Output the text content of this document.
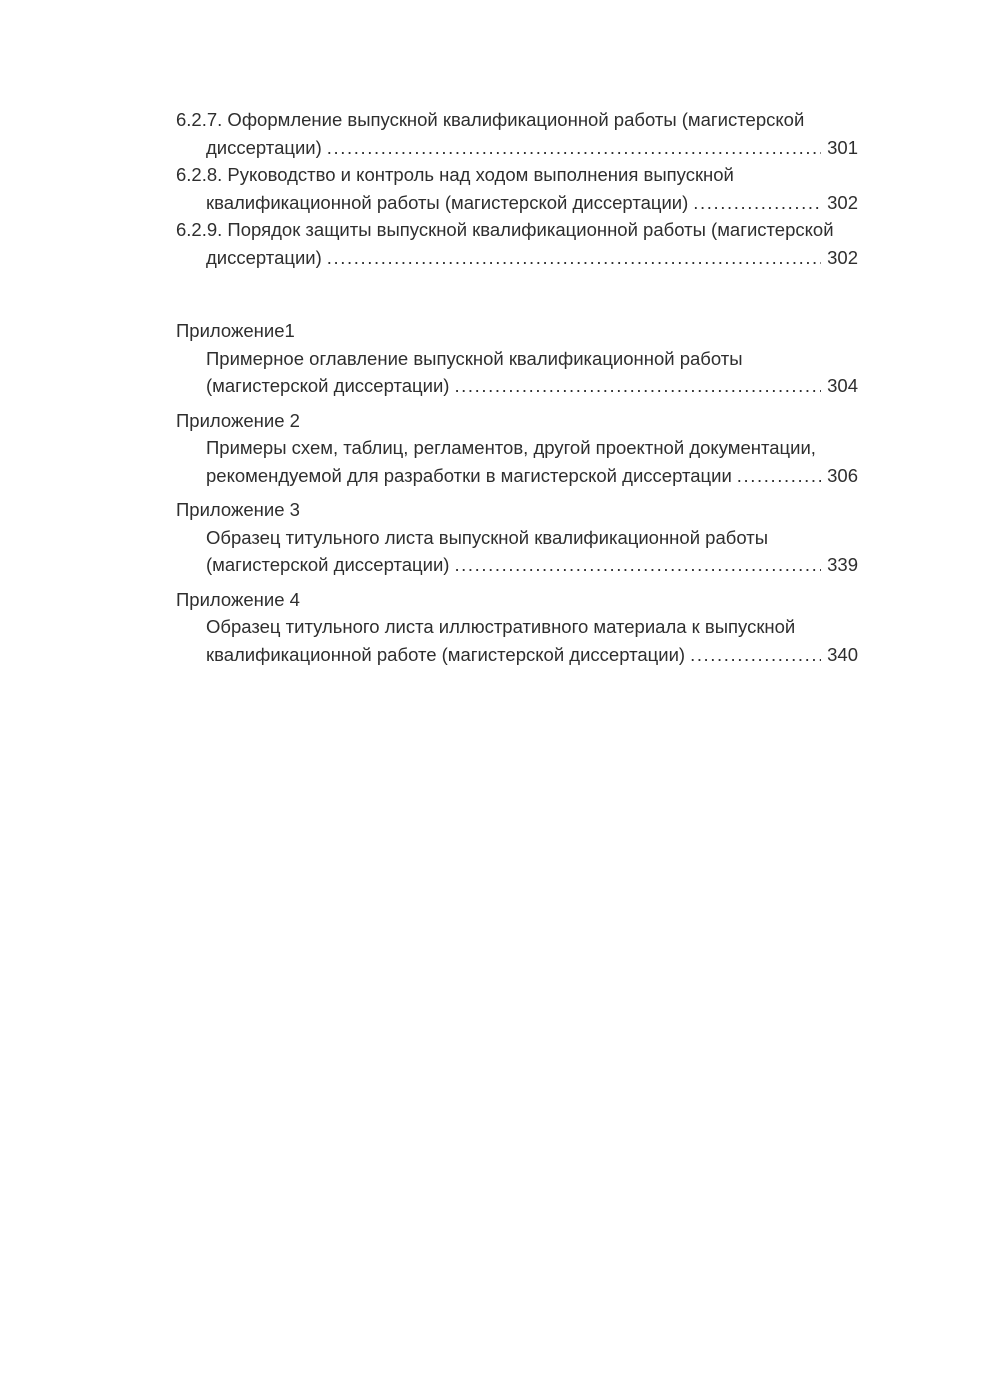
6.2.7. Оформление выпускной квалификационной работы (магистерской
диссертации) .....	301
6.2.8. Руководство и контроль над ходом выполнения выпускной
квалификационной работы (магистерской диссертации) .....	302
6.2.9. Порядок защиты выпускной квалификационной работы (магистерской
диссертации) .....	302
Приложение1
Примерное оглавление выпускной квалификационной работы
(магистерской диссертации) .....	304
Приложение 2
Примеры схем, таблиц, регламентов, другой проектной документации,
рекомендуемой для разработки в магистерской диссертации .....	306
Приложение 3
Образец титульного листа выпускной квалификационной работы
(магистерской диссертации) .....	339
Приложение 4
Образец титульного листа иллюстративного материала к выпускной
квалификационной работе (магистерской диссертации) .....	340
